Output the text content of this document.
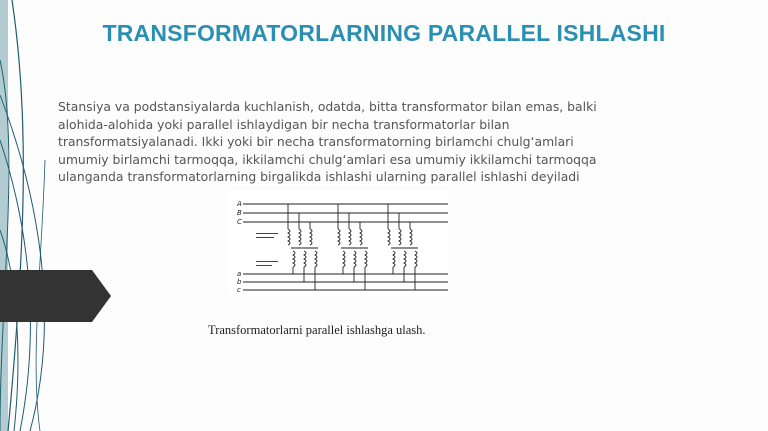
TRANSFORMATORLARNING PARALLEL ISHLASHI
Stansiya va podstansiyalarda kuchlanish, odatda, bitta transformator bilan emas, balki
alohida-alohida yoki parallel ishlaydigan bir necha transformatorlar bilan
transformatsiyalanadi. Ikki yoki bir necha transformatorning birlamchi chulg‘amlari
umumiy birlamchi tarmoqqa, ikkilamchi chulg‘amlari esa umumiy ikkilamchi tarmoqqa
ulanganda transformatorlarning birgalikda ishlashi ularning parallel ishlashi deyiladi
A
B
C
a
b
c
Transformatorlarni parallel ishlashga ulash.
